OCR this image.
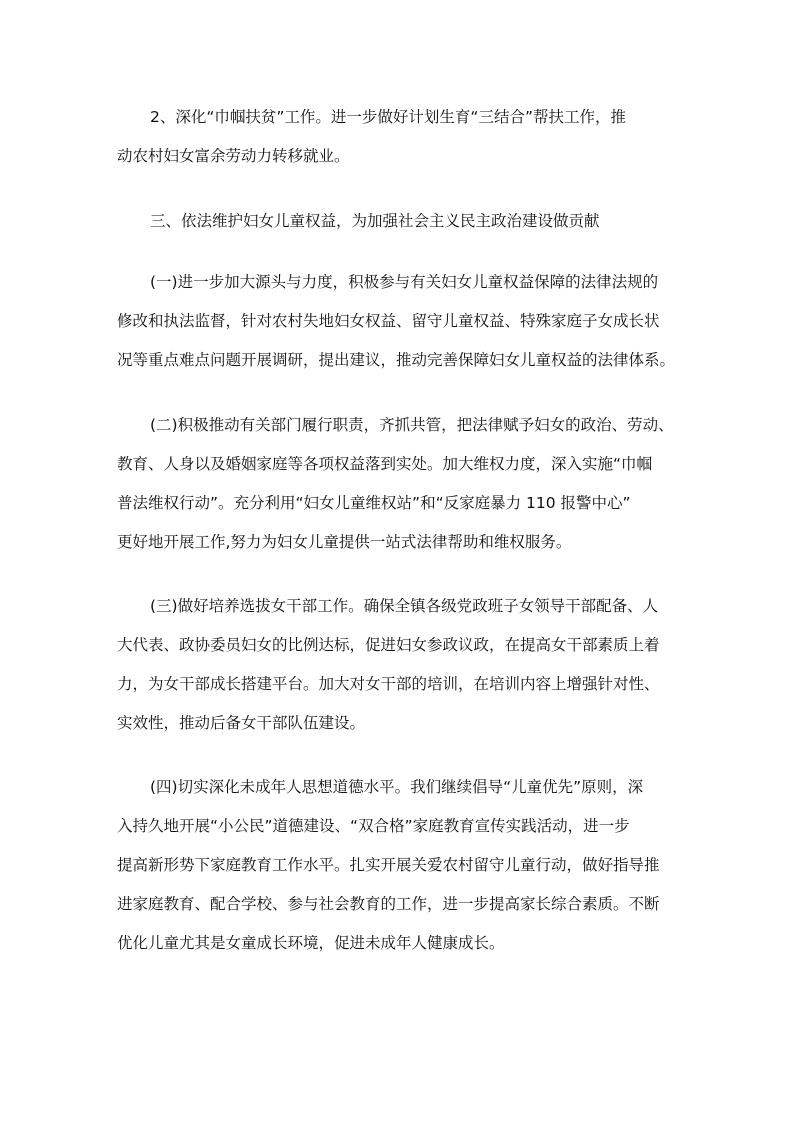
2、深化“巾帼扶贫”工作。进一步做好计划生育“三结合”帮扶工作，推
动农村妇女富余劳动力转移就业。

三、依法维护妇女儿童权益，为加强社会主义民主政治建设做贡献

(一)进一步加大源头与力度，积极参与有关妇女儿童权益保障的法律法规的
修改和执法监督，针对农村失地妇女权益、留守儿童权益、特殊家庭子女成长状
况等重点难点问题开展调研，提出建议，推动完善保障妇女儿童权益的法律体系。

(二)积极推动有关部门履行职责，齐抓共管，把法律赋予妇女的政治、劳动、
教育、人身以及婚姻家庭等各项权益落到实处。加大维权力度，深入实施“巾帼
普法维权行动”。充分利用“妇女儿童维权站”和“反家庭暴力 110 报警中心”
更好地开展工作,努力为妇女儿童提供一站式法律帮助和维权服务。

(三)做好培养选拔女干部工作。确保全镇各级党政班子女领导干部配备、人
大代表、政协委员妇女的比例达标，促进妇女参政议政，在提高女干部素质上着
力，为女干部成长搭建平台。加大对女干部的培训，在培训内容上增强针对性、
实效性，推动后备女干部队伍建设。

(四)切实深化未成年人思想道德水平。我们继续倡导“儿童优先”原则，深
入持久地开展“小公民”道德建设、“双合格”家庭教育宣传实践活动，进一步
提高新形势下家庭教育工作水平。扎实开展关爱农村留守儿童行动，做好指导推
进家庭教育、配合学校、参与社会教育的工作，进一步提高家长综合素质。不断
优化儿童尤其是女童成长环境，促进未成年人健康成长。
